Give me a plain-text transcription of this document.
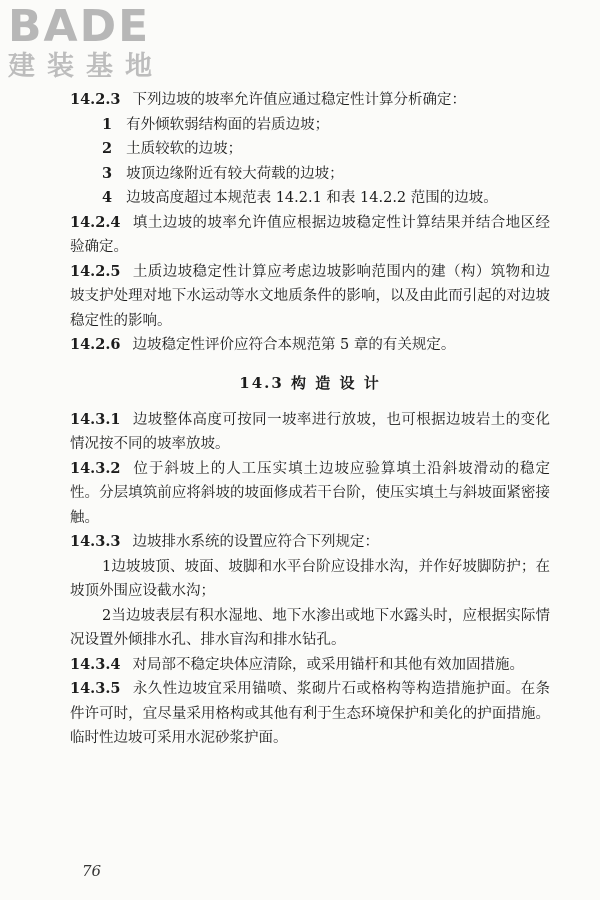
BADE
建装基地

14.2.3 下列边坡的坡率允许值应通过稳定性计算分析确定：

1 有外倾软弱结构面的岩质边坡；

2 土质较软的边坡；

3 坡顶边缘附近有较大荷载的边坡；

4 边坡高度超过本规范表 14.2.1 和表 14.2.2 范围的边坡。

14.2.4 填土边坡的坡率允许值应根据边坡稳定性计算结果并结合地区经验确定。

14.2.5 土质边坡稳定性计算应考虑边坡影响范围内的建（构）筑物和边坡支护处理对地下水运动等水文地质条件的影响，以及由此而引起的对边坡稳定性的影响。

14.2.6 边坡稳定性评价应符合本规范第 5 章的有关规定。

14.3 构 造 设 计

14.3.1 边坡整体高度可按同一坡率进行放坡，也可根据边坡岩土的变化情况按不同的坡率放坡。

14.3.2 位于斜坡上的人工压实填土边坡应验算填土沿斜坡滑动的稳定性。分层填筑前应将斜坡的坡面修成若干台阶，使压实填土与斜坡面紧密接触。

14.3.3 边坡排水系统的设置应符合下列规定：

1边坡坡顶、坡面、坡脚和水平台阶应设排水沟，并作好坡脚防护；在坡顶外围应设截水沟；

2当边坡表层有积水湿地、地下水渗出或地下水露头时，应根据实际情况设置外倾排水孔、排水盲沟和排水钻孔。

14.3.4 对局部不稳定块体应清除，或采用锚杆和其他有效加固措施。

14.3.5 永久性边坡宜采用锚喷、浆砌片石或格构等构造措施护面。在条件许可时，宜尽量采用格构或其他有利于生态环境保护和美化的护面措施。临时性边坡可采用水泥砂浆护面。

76
